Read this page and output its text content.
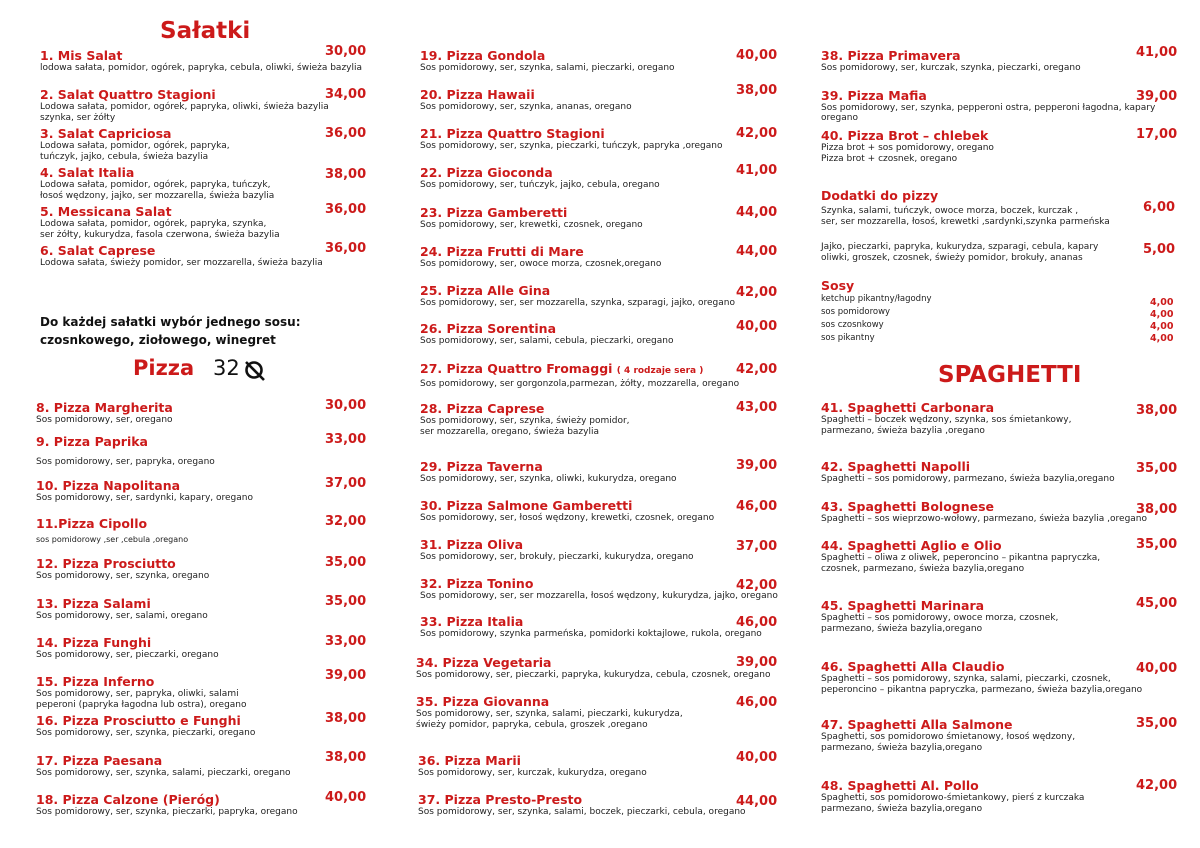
Sałatki
1. Mis Salat
lodowa sałata, pomidor, ogórek, papryka, cebula, oliwki, świeża bazylia
30,00
2. Salat Quattro Stagioni
Lodowa sałata, pomidor, ogórek, papryka, oliwki, świeża bazylia
szynka, ser żółty
34,00
3. Salat Capriciosa
Lodowa sałata, pomidor, ogórek, papryka,
tuńczyk, jajko, cebula, świeża bazylia
36,00
4. Salat Italia
Lodowa sałata, pomidor, ogórek, papryka, tuńczyk,
łosoś wędzony, jajko, ser mozzarella, świeża bazylia
38,00
5. Messicana Salat
Lodowa sałata, pomidor, ogórek, papryka, szynka,
ser żółty, kukurydza, fasola czerwona, świeża bazylia
36,00
6. Salat Caprese
Lodowa sałata, świeży pomidor, ser mozzarella, świeża bazylia
36,00
Do każdej sałatki wybór jednego sosu:
czosnkowego, ziołowego, winegret
Pizza 32
8. Pizza Margherita
Sos pomidorowy, ser, oregano
30,00
9. Pizza Paprika
Sos pomidorowy, ser, papryka, oregano
33,00
10. Pizza Napolitana
Sos pomidorowy, ser, sardynki, kapary, oregano
37,00
11.Pizza Cipollo
sos pomidorowy ,ser ,cebula ,oregano
32,00
12. Pizza Prosciutto
Sos pomidorowy, ser, szynka, oregano
35,00
13. Pizza Salami
Sos pomidorowy, ser, salami, oregano
35,00
14. Pizza Funghi
Sos pomidorowy, ser, pieczarki, oregano
33,00
15. Pizza Inferno
Sos pomidorowy, ser, papryka, oliwki, salami
peperoni (papryka łagodna lub ostra), oregano
39,00
16. Pizza Prosciutto e Funghi
Sos pomidorowy, ser, szynka, pieczarki, oregano
38,00
17. Pizza Paesana
Sos pomidorowy, ser, szynka, salami, pieczarki, oregano
38,00
18. Pizza Calzone (Pieróg)
Sos pomidorowy, ser, szynka, pieczarki, papryka, oregano
40,00
19. Pizza Gondola
Sos pomidorowy, ser, szynka, salami, pieczarki, oregano
40,00
20. Pizza Hawaii
Sos pomidorowy, ser, szynka, ananas, oregano
38,00
21. Pizza Quattro Stagioni
Sos pomidorowy, ser, szynka, pieczarki, tuńczyk, papryka ,oregano
42,00
22. Pizza Gioconda
Sos pomidorowy, ser, tuńczyk, jajko, cebula, oregano
41,00
23. Pizza Gamberetti
Sos pomidorowy, ser, krewetki, czosnek, oregano
44,00
24. Pizza Frutti di Mare
Sos pomidorowy, ser, owoce morza, czosnek,oregano
44,00
25. Pizza Alle Gina
Sos pomidorowy, ser, ser mozzarella, szynka, szparagi, jajko, oregano
42,00
26. Pizza Sorentina
Sos pomidorowy, ser, salami, cebula, pieczarki, oregano
40,00
27. Pizza Quattro Fromaggi ( 4 rodzaje sera )
Sos pomidorowy, ser gorgonzola,parmezan, żółty, mozzarella, oregano
42,00
28. Pizza Caprese
Sos pomidorowy, ser, szynka, świeży pomidor,
ser mozzarella, oregano, świeża bazylia
43,00
29. Pizza Taverna
Sos pomidorowy, ser, szynka, oliwki, kukurydza, oregano
39,00
30. Pizza Salmone Gamberetti
Sos pomidorowy, ser, łosoś wędzony, krewetki, czosnek, oregano
46,00
31. Pizza Oliva
Sos pomidorowy, ser, brokuły, pieczarki, kukurydza, oregano
37,00
32. Pizza Tonino
Sos pomidorowy, ser, ser mozzarella, łosoś wędzony, kukurydza, jajko, oregano
42,00
33. Pizza Italia
Sos pomidorowy, szynka parmeńska, pomidorki koktajlowe, rukola, oregano
46,00
34. Pizza Vegetaria
Sos pomidorowy, ser, pieczarki, papryka, kukurydza, cebula, czosnek, oregano
39,00
35. Pizza Giovanna
Sos pomidorowy, ser, szynka, salami, pieczarki, kukurydza,
świeży pomidor, papryka, cebula, groszek ,oregano
46,00
36. Pizza Marii
Sos pomidorowy, ser, kurczak, kukurydza, oregano
40,00
37. Pizza Presto-Presto
Sos pomidorowy, ser, szynka, salami, boczek, pieczarki, cebula, oregano
44,00
38. Pizza Primavera
Sos pomidorowy, ser, kurczak, szynka, pieczarki, oregano
41,00
39. Pizza Mafia
Sos pomidorowy, ser, szynka, pepperoni ostra, pepperoni łagodna, kapary
oregano
39,00
40. Pizza Brot – chlebek
Pizza brot + sos pomidorowy, oregano
Pizza brot + czosnek, oregano
17,00
Dodatki do pizzy
Szynka, salami, tuńczyk, owoce morza, boczek, kurczak ,
ser, ser mozzarella, łosoś, krewetki ,sardynki,szynka parmeńska
6,00
Jajko, pieczarki, papryka, kukurydza, szparagi, cebula, kapary
oliwki, groszek, czosnek, świeży pomidor, brokuły, ananas
5,00
Sosy
ketchup pikantny/łagodny	4,00
sos pomidorowy	4,00
sos czosnkowy	4,00
sos pikantny	4,00
SPAGHETTI
41. Spaghetti Carbonara
Spaghetti – boczek wędzony, szynka, sos śmietankowy,
parmezano, świeża bazylia ,oregano
38,00
42. Spaghetti Napolli
Spaghetti – sos pomidorowy, parmezano, świeża bazylia,oregano
35,00
43. Spaghetti Bolognese
Spaghetti – sos wieprzowo-wołowy, parmezano, świeża bazylia ,oregano
38,00
44. Spaghetti Aglio e Olio
Spaghetti – oliwa z oliwek, peperoncino – pikantna papryczka,
czosnek, parmezano, świeża bazylia,oregano
35,00
45. Spaghetti Marinara
Spaghetti – sos pomidorowy, owoce morza, czosnek,
parmezano, świeża bazylia,oregano
45,00
46. Spaghetti Alla Claudio
Spaghetti – sos pomidorowy, szynka, salami, pieczarki, czosnek,
peperoncino – pikantna papryczka, parmezano, świeża bazylia,oregano
40,00
47. Spaghetti Alla Salmone
Spaghetti, sos pomidorowo śmietanowy, łosoś wędzony,
parmezano, świeża bazylia,oregano
35,00
48. Spaghetti Al. Pollo
Spaghetti, sos pomidorowo-śmietankowy, pierś z kurczaka
parmezano, świeża bazylia,oregano
42,00
